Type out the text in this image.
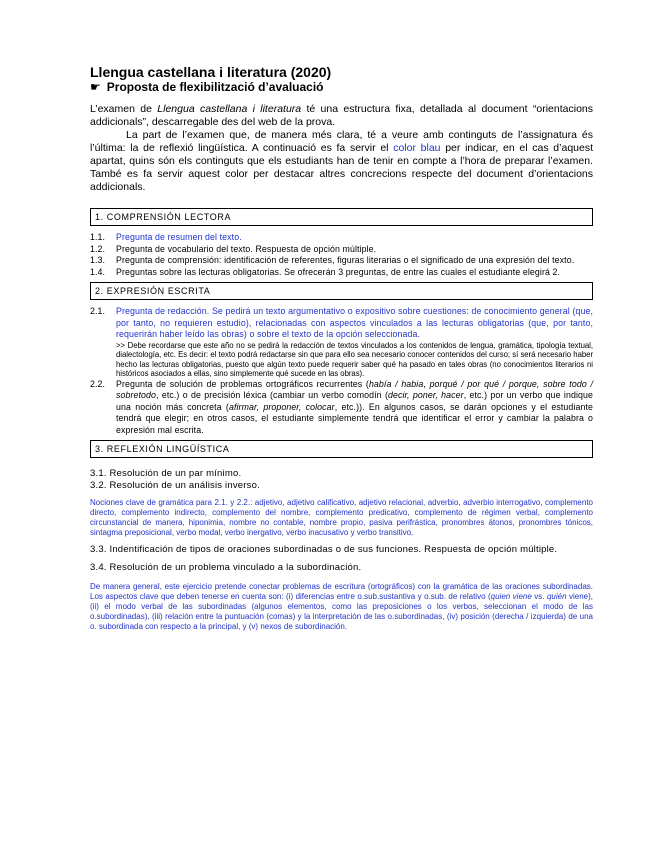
Llengua castellana i literatura (2020)
☛ Proposta de flexibilització d’avaluació

L’examen de Llengua castellana i literatura té una estructura fixa, detallada al document “orientacions addicionals”, descarregable des del web de la prova.

La part de l’examen que, de manera més clara, té a veure amb continguts de l’assignatura és l’última: la de reflexió lingüística. A continuació es fa servir el color blau per indicar, en el cas d’aquest apartat, quins són els continguts que els estudiants han de tenir en compte a l’hora de preparar l’examen. També es fa servir aquest color per destacar altres concrecions respecte del document d’orientacions addicionals.

1. COMPRENSIÓN LECTORA
1.1.	Pregunta de resumen del texto.
1.2.	Pregunta de vocabulario del texto. Respuesta de opción múltiple.
1.3.	Pregunta de comprensión: identificación de referentes, figuras literarias o el significado de una expresión del texto.
1.4.	Preguntas sobre las lecturas obligatorias. Se ofrecerán 3 preguntas, de entre las cuales el estudiante elegirá 2.
2. EXPRESIÓN ESCRITA
2.1.	Pregunta de redacción. Se pedirá un texto argumentativo o expositivo sobre cuestiones: de conocimiento general (que, por tanto, no requieren estudio), relacionadas con aspectos vinculados a las lecturas obligatorias (que, por tanto, requerirán haber leído las obras) o sobre el texto de la opción seleccionada.
>> Debe recordarse que este año no se pedirá la redacción de textos vinculados a los contenidos de lengua, gramática, tipología textual, dialectología, etc. Es decir: el texto podrá redactarse sin que para ello sea necesario conocer contenidos del curso; sí será necesario haber hecho las lecturas obligatorias, puesto que algún texto puede requerir saber qué ha pasado en tales obras (no conocimientos literarios ni históricos asociados a ellas, sino simplemente qué sucede en las obras).
2.2.	Pregunta de solución de problemas ortográficos recurrentes (había / habia, porqué / por qué / porque, sobre todo / sobretodo, etc.) o de precisión léxica (cambiar un verbo comodín (decir, poner, hacer, etc.) por un verbo que indique una noción más concreta (afirmar, proponer, colocar, etc.)). En algunos casos, se darán opciones y el estudiante tendrá que elegir; en otros casos, el estudiante simplemente tendrá que identificar el error y cambiar la palabra o expresión mal escrita.
3. REFLEXIÓN LINGÜÍSTICA
3.1. Resolución de un par mínimo.
3.2. Resolución de un análisis inverso.
Nociones clave de gramática para 2.1. y 2.2.: adjetivo, adjetivo calificativo, adjetivo relacional, adverbio, adverbio interrogativo, complemento directo, complemento indirecto, complemento del nombre, complemento predicativo, complemento de régimen verbal, complemento circunstancial de manera, hiponimia, nombre no contable, nombre propio, pasiva perifrástica, pronombres átonos, pronombres tónicos, sintagma preposicional, verbo modal, verbo inergativo, verbo inacusativo y verbo transitivo.
3.3. Indentificación de tipos de oraciones subordinadas o de sus funciones. Respuesta de opción múltiple.
3.4. Resolución de un problema vinculado a la subordinación.
De manera general, este ejercicio pretende conectar problemas de escritura (ortográficos) con la gramática de las oraciones subordinadas. Los aspectos clave que deben tenerse en cuenta son: (i) diferencias entre o.sub.sustantiva y o.sub. de relativo (quien viene vs. quién viene), (ii) el modo verbal de las subordinadas (algunos elementos, como las preposiciones o los verbos, seleccionan el modo de las o.subordinadas), (iii) relación entre la puntuación (comas) y la interpretación de las o.subordinadas, (iv) posición (derecha / izquierda) de una o. subordinada con respecto a la principal, y (v) nexos de subordinación.
